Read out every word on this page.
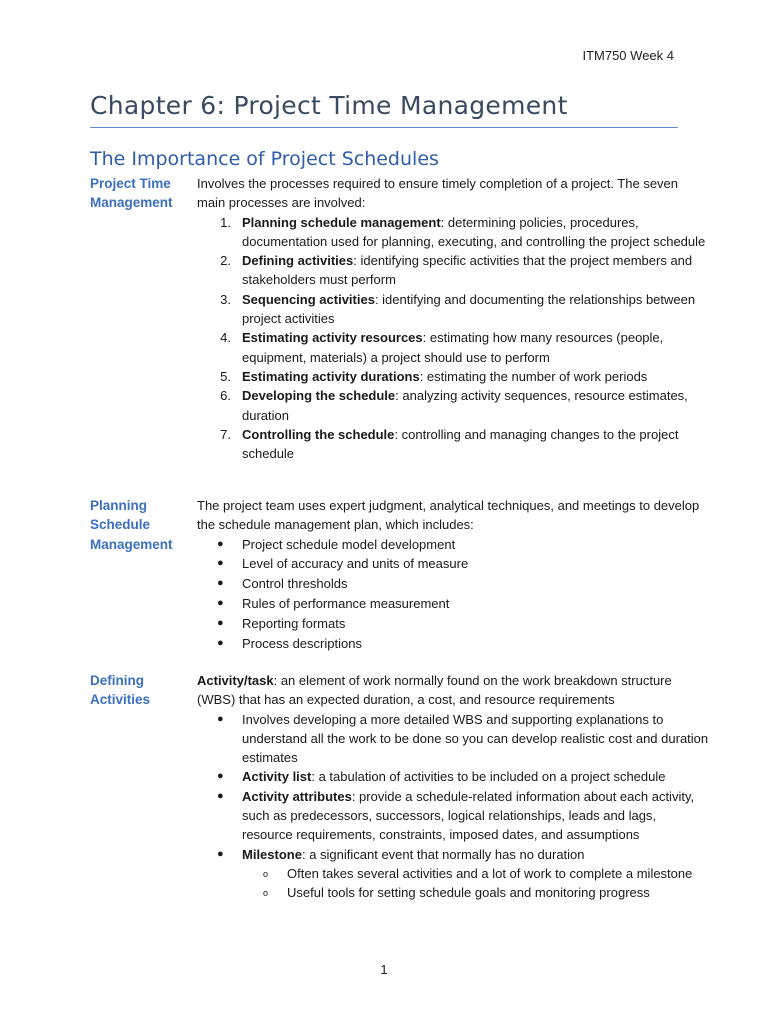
ITM750 Week 4
Chapter 6: Project Time Management
The Importance of Project Schedules
Project Time Management

Involves the processes required to ensure timely completion of a project. The seven main processes are involved:

1. Planning schedule management: determining policies, procedures, documentation used for planning, executing, and controlling the project schedule
2. Defining activities: identifying specific activities that the project members and stakeholders must perform
3. Sequencing activities: identifying and documenting the relationships between project activities
4. Estimating activity resources: estimating how many resources (people, equipment, materials) a project should use to perform
5. Estimating activity durations: estimating the number of work periods
6. Developing the schedule: analyzing activity sequences, resource estimates, duration
7. Controlling the schedule: controlling and managing changes to the project schedule
Planning Schedule Management

The project team uses expert judgment, analytical techniques, and meetings to develop the schedule management plan, which includes:

● Project schedule model development
● Level of accuracy and units of measure
● Control thresholds
● Rules of performance measurement
● Reporting formats
● Process descriptions
Defining Activities

Activity/task: an element of work normally found on the work breakdown structure (WBS) that has an expected duration, a cost, and resource requirements

● Involves developing a more detailed WBS and supporting explanations to understand all the work to be done so you can develop realistic cost and duration estimates
● Activity list: a tabulation of activities to be included on a project schedule
● Activity attributes: provide a schedule-related information about each activity, such as predecessors, successors, logical relationships, leads and lags, resource requirements, constraints, imposed dates, and assumptions
● Milestone: a significant event that normally has no duration
o Often takes several activities and a lot of work to complete a milestone
o Useful tools for setting schedule goals and monitoring progress
1
